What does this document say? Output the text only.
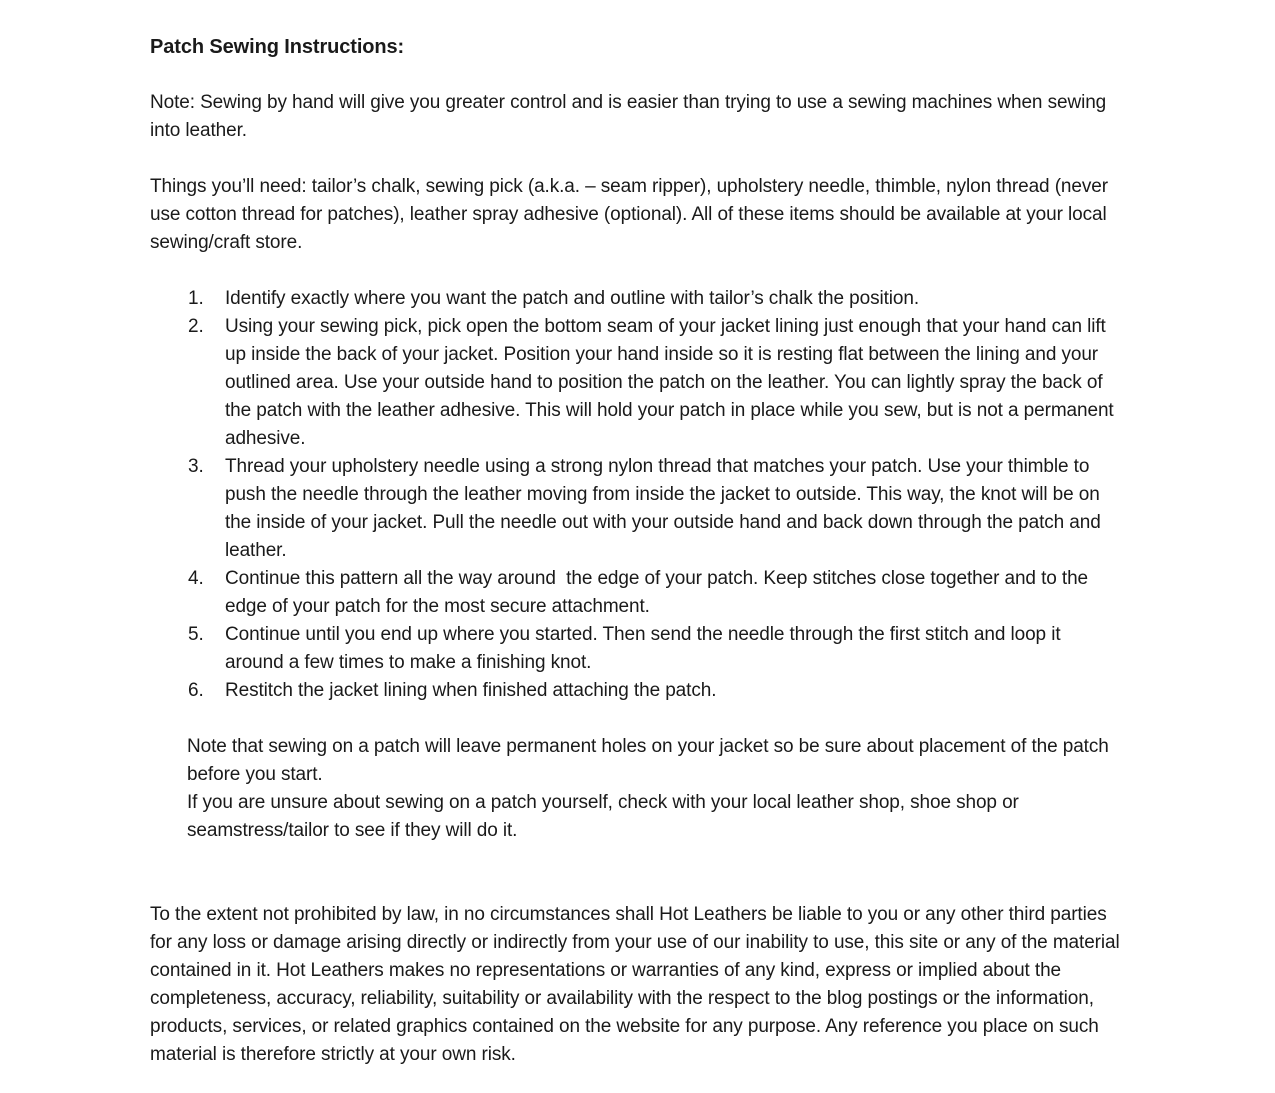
Patch Sewing Instructions:

Note: Sewing by hand will give you greater control and is easier than trying to use a sewing machines when sewing into leather.

Things you’ll need: tailor’s chalk, sewing pick (a.k.a. – seam ripper), upholstery needle, thimble, nylon thread (never use cotton thread for patches), leather spray adhesive (optional). All of these items should be available at your local sewing/craft store.

1.	Identify exactly where you want the patch and outline with tailor’s chalk the position.
2.	Using your sewing pick, pick open the bottom seam of your jacket lining just enough that your hand can lift up inside the back of your jacket. Position your hand inside so it is resting flat between the lining and your outlined area. Use your outside hand to position the patch on the leather. You can lightly spray the back of the patch with the leather adhesive. This will hold your patch in place while you sew, but is not a permanent adhesive.
3.	Thread your upholstery needle using a strong nylon thread that matches your patch. Use your thimble to push the needle through the leather moving from inside the jacket to outside. This way, the knot will be on the inside of your jacket. Pull the needle out with your outside hand and back down through the patch and leather.
4.	Continue this pattern all the way around  the edge of your patch. Keep stitches close together and to the edge of your patch for the most secure attachment.
5.	Continue until you end up where you started. Then send the needle through the first stitch and loop it around a few times to make a finishing knot.
6.	Restitch the jacket lining when finished attaching the patch.

Note that sewing on a patch will leave permanent holes on your jacket so be sure about placement of the patch before you start.

If you are unsure about sewing on a patch yourself, check with your local leather shop, shoe shop or seamstress/tailor to see if they will do it.

To the extent not prohibited by law, in no circumstances shall Hot Leathers be liable to you or any other third parties for any loss or damage arising directly or indirectly from your use of our inability to use, this site or any of the material contained in it. Hot Leathers makes no representations or warranties of any kind, express or implied about the completeness, accuracy, reliability, suitability or availability with the respect to the blog postings or the information, products, services, or related graphics contained on the website for any purpose. Any reference you place on such material is therefore strictly at your own risk.
